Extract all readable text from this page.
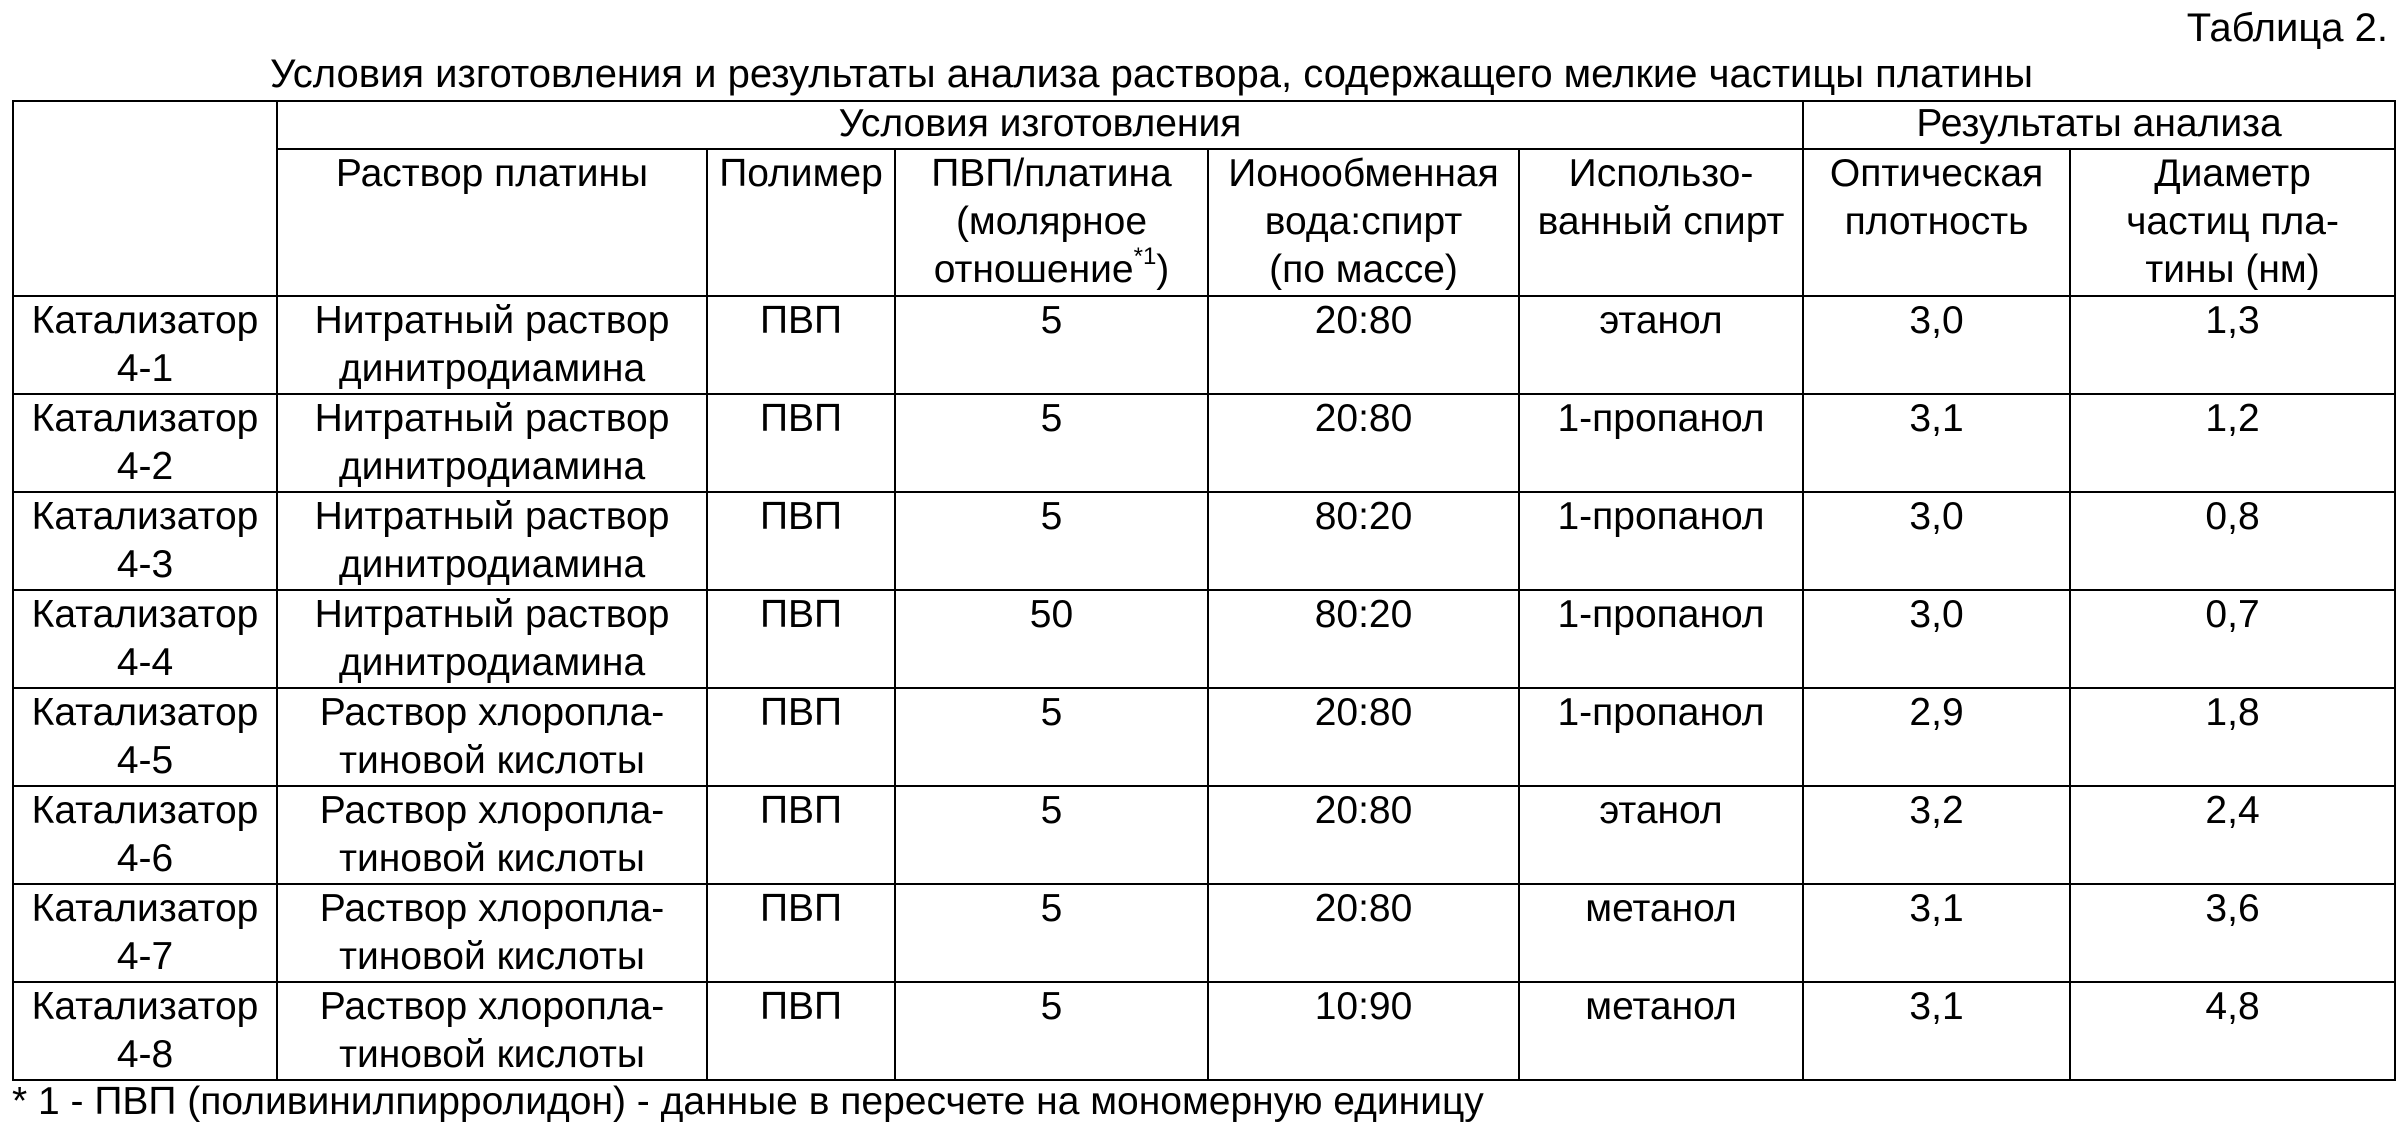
Таблица 2.
Условия изготовления и результаты анализа раствора, содержащего мелкие частицы платины
	Условия изготовления					Результаты анализа	

	Раствор платины	Полимер	ПВП/платина
(молярное
отношение$^{*1}$)	Ионообменная
вода:спирт
(по массе)	Использо-
ванный спирт	Оптическая
плотность	Диаметр
частиц пла-
тины (нм)

Катализатор
4-1	Нитратный раствор
динитродиамина	ПВП	5	20:80	этанол	3,0	1,3

Катализатор
4-2	Нитратный раствор
динитродиамина	ПВП	5	20:80	1-пропанол	3,1	1,2

Катализатор
4-3	Нитратный раствор
динитродиамина	ПВП	5	80:20	1-пропанол	3,0	0,8

Катализатор
4-4	Нитратный раствор
динитродиамина	ПВП	50	80:20	1-пропанол	3,0	0,7

Катализатор
4-5	Раствор хлоропла-
тиновой кислоты	ПВП	5	20:80	1-пропанол	2,9	1,8

Катализатор
4-6	Раствор хлоропла-
тиновой кислоты	ПВП	5	20:80	этанол	3,2	2,4

Катализатор
4-7	Раствор хлоропла-
тиновой кислоты	ПВП	5	20:80	метанол	3,1	3,6

Катализатор
4-8	Раствор хлоропла-
тиновой кислоты	ПВП	5	10:90	метанол	3,1	4,8
* 1 - ПВП (поливинилпирролидон) - данные в пересчете на мономерную единицу
